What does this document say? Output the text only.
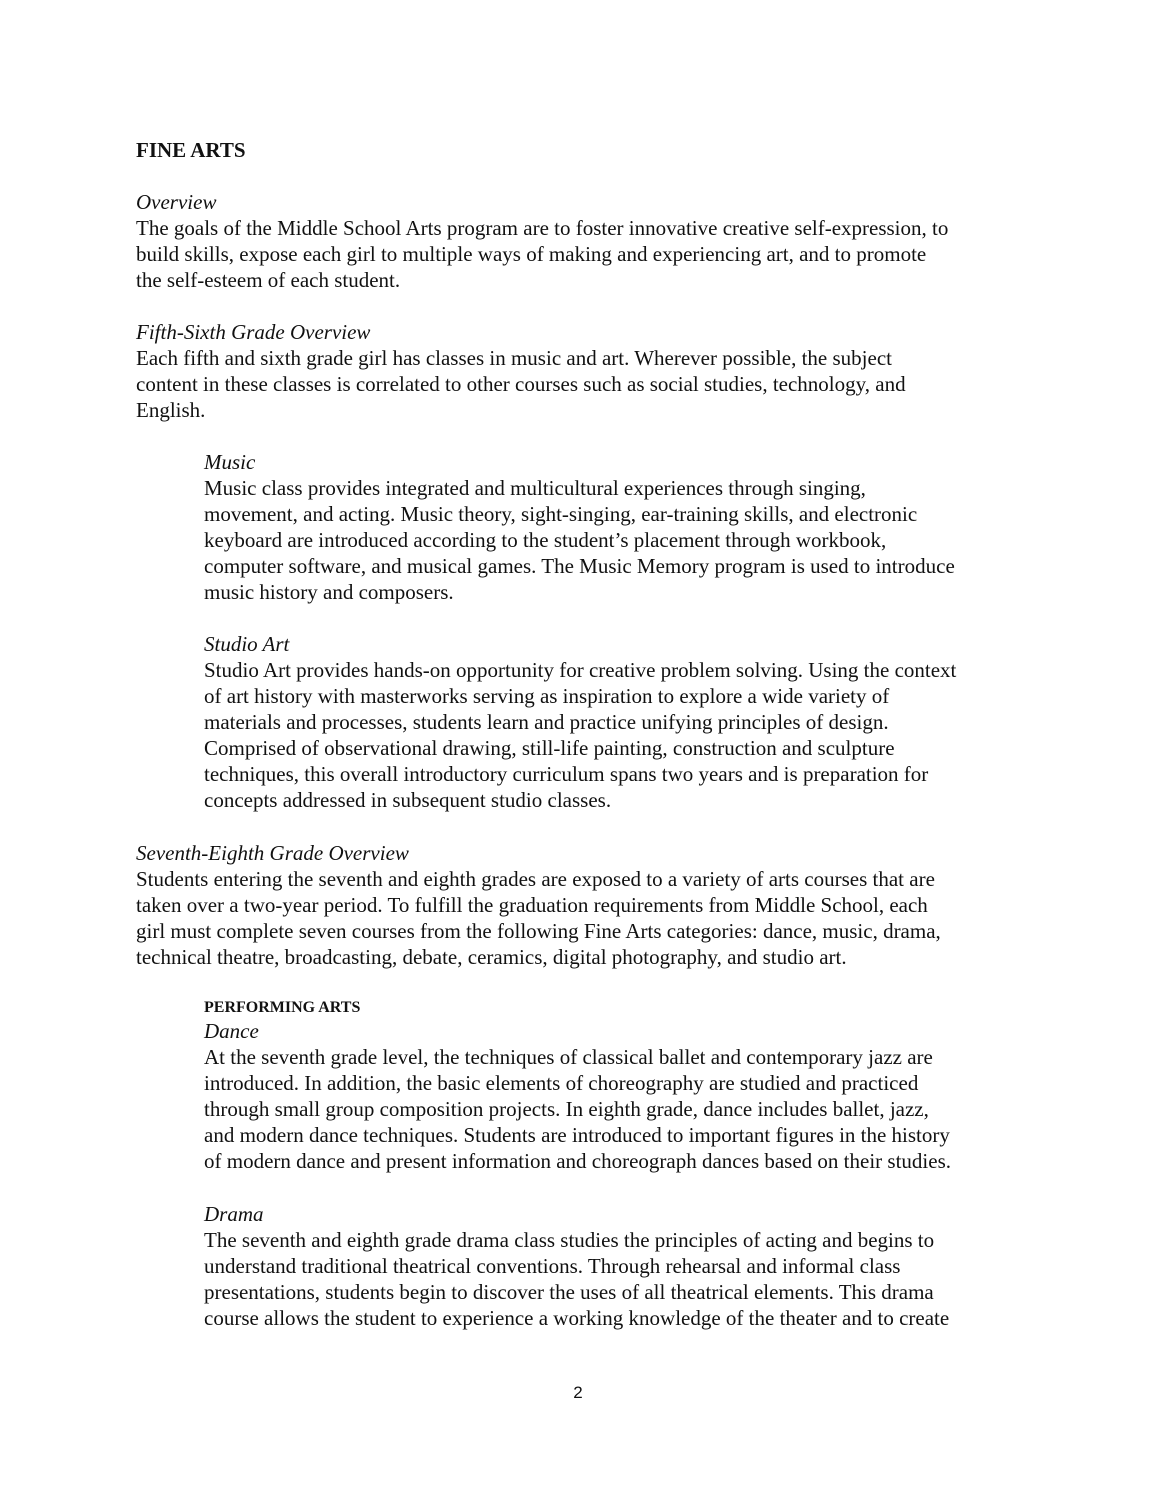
FINE ARTS
Overview
The goals of the Middle School Arts program are to foster innovative creative self-expression, to
build skills, expose each girl to multiple ways of making and experiencing art, and to promote
the self-esteem of each student.
Fifth-Sixth Grade Overview
Each fifth and sixth grade girl has classes in music and art. Wherever possible, the subject
content in these classes is correlated to other courses such as social studies, technology, and
English.
Music
Music class provides integrated and multicultural experiences through singing,
movement, and acting. Music theory, sight-singing, ear-training skills, and electronic
keyboard are introduced according to the student’s placement through workbook,
computer software, and musical games. The Music Memory program is used to introduce
music history and composers.
Studio Art
Studio Art provides hands-on opportunity for creative problem solving. Using the context
of art history with masterworks serving as inspiration to explore a wide variety of
materials and processes, students learn and practice unifying principles of design.
Comprised of observational drawing, still-life painting, construction and sculpture
techniques, this overall introductory curriculum spans two years and is preparation for
concepts addressed in subsequent studio classes.
Seventh-Eighth Grade Overview
Students entering the seventh and eighth grades are exposed to a variety of arts courses that are
taken over a two-year period. To fulfill the graduation requirements from Middle School, each
girl must complete seven courses from the following Fine Arts categories: dance, music, drama,
technical theatre, broadcasting, debate, ceramics, digital photography, and studio art.
PERFORMING ARTS
Dance
At the seventh grade level, the techniques of classical ballet and contemporary jazz are
introduced. In addition, the basic elements of choreography are studied and practiced
through small group composition projects. In eighth grade, dance includes ballet, jazz,
and modern dance techniques. Students are introduced to important figures in the history
of modern dance and present information and choreograph dances based on their studies.
Drama
The seventh and eighth grade drama class studies the principles of acting and begins to
understand traditional theatrical conventions. Through rehearsal and informal class
presentations, students begin to discover the uses of all theatrical elements. This drama
course allows the student to experience a working knowledge of the theater and to create
2
